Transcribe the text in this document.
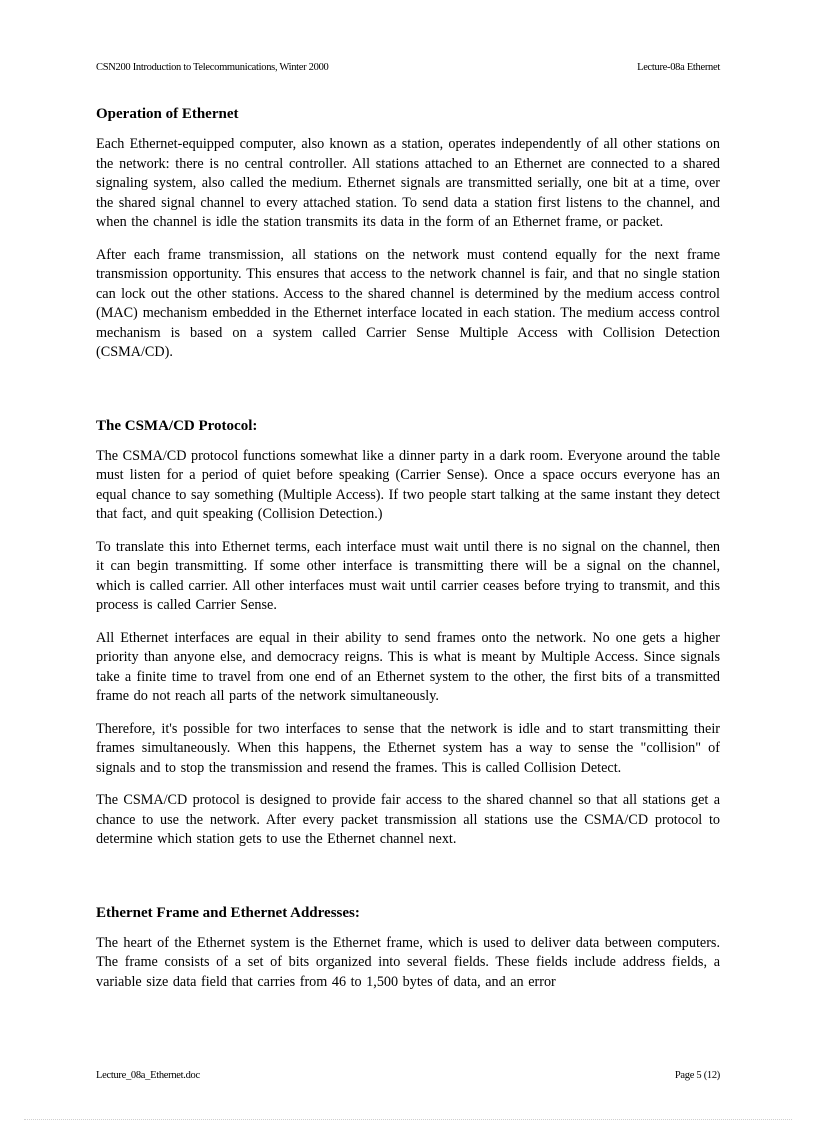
CSN200 Introduction to Telecommunications, Winter 2000	Lecture-08a Ethernet
Operation of Ethernet

Each Ethernet-equipped computer, also known as a station, operates independently of all other stations on the network: there is no central controller. All stations attached to an Ethernet are connected to a shared signaling system, also called the medium. Ethernet signals are transmitted serially, one bit at a time, over the shared signal channel to every attached station. To send data a station first listens to the channel, and when the channel is idle the station transmits its data in the form of an Ethernet frame, or packet.

After each frame transmission, all stations on the network must contend equally for the next frame transmission opportunity. This ensures that access to the network channel is fair, and that no single station can lock out the other stations. Access to the shared channel is determined by the medium access control (MAC) mechanism embedded in the Ethernet interface located in each station. The medium access control mechanism is based on a system called Carrier Sense Multiple Access with Collision Detection (CSMA/CD).

The CSMA/CD Protocol:

The CSMA/CD protocol functions somewhat like a dinner party in a dark room. Everyone around the table must listen for a period of quiet before speaking (Carrier Sense). Once a space occurs everyone has an equal chance to say something (Multiple Access). If two people start talking at the same instant they detect that fact, and quit speaking (Collision Detection.)

To translate this into Ethernet terms, each interface must wait until there is no signal on the channel, then it can begin transmitting. If some other interface is transmitting there will be a signal on the channel, which is called carrier. All other interfaces must wait until carrier ceases before trying to transmit, and this process is called Carrier Sense.

All Ethernet interfaces are equal in their ability to send frames onto the network. No one gets a higher priority than anyone else, and democracy reigns. This is what is meant by Multiple Access. Since signals take a finite time to travel from one end of an Ethernet system to the other, the first bits of a transmitted frame do not reach all parts of the network simultaneously.

Therefore, it's possible for two interfaces to sense that the network is idle and to start transmitting their frames simultaneously. When this happens, the Ethernet system has a way to sense the "collision" of signals and to stop the transmission and resend the frames. This is called Collision Detect.

The CSMA/CD protocol is designed to provide fair access to the shared channel so that all stations get a chance to use the network. After every packet transmission all stations use the CSMA/CD protocol to determine which station gets to use the Ethernet channel next.

Ethernet Frame and Ethernet Addresses:

The heart of the Ethernet system is the Ethernet frame, which is used to deliver data between computers. The frame consists of a set of bits organized into several fields. These fields include address fields, a variable size data field that carries from 46 to 1,500 bytes of data, and an error

Lecture_08a_Ethernet.doc	Page 5 (12)
